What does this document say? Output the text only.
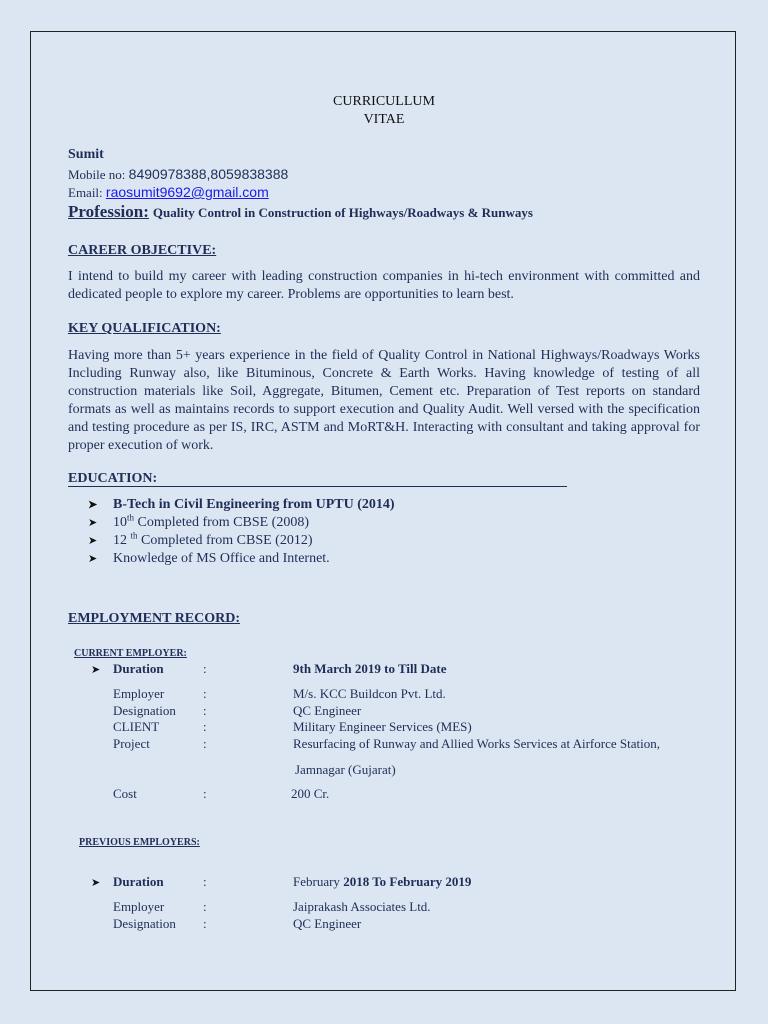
CURRICULLUM
VITAE
Sumit
Mobile no: 8490978388,8059838388
Email: raosumit9692@gmail.com
Profession: Quality Control in Construction of Highways/Roadways & Runways
CAREER OBJECTIVE:
I intend to build my career with leading construction companies in hi-tech environment with committed and dedicated people to explore my career. Problems are opportunities to learn best.
KEY QUALIFICATION:
Having more than 5+ years experience in the field of Quality Control in National Highways/Roadways Works Including Runway also, like Bituminous, Concrete & Earth Works. Having knowledge of testing of all construction materials like Soil, Aggregate, Bitumen, Cement etc. Preparation of Test reports on standard formats as well as maintains records to support execution and Quality Audit. Well versed with the specification and testing procedure as per IS, IRC, ASTM and MoRT&H. Interacting with consultant and taking approval for proper execution of work.
EDUCATION:
➤ B-Tech in Civil Engineering from UPTU (2014)
➤ 10th Completed from CBSE (2008)
➤ 12 $^{th}$ Completed from CBSE (2012)
➤ Knowledge of MS Office and Internet.
EMPLOYMENT RECORD:
CURRENT EMPLOYER:
➤ Duration	:	9th March 2019 to Till Date
Employer	:	M/s. KCC Buildcon Pvt. Ltd.
Designation :	QC Engineer
CLIENT	:	Military Engineer Services (MES)
Project	:	Resurfacing of Runway and Allied Works Services at Airforce Station,
Jamnagar (Gujarat)
Cost	:	200 Cr.
PREVIOUS EMPLOYERS:
➤ Duration	:	February 2018 To February 2019
Employer	:	Jaiprakash Associates Ltd.
Designation :	QC Engineer
